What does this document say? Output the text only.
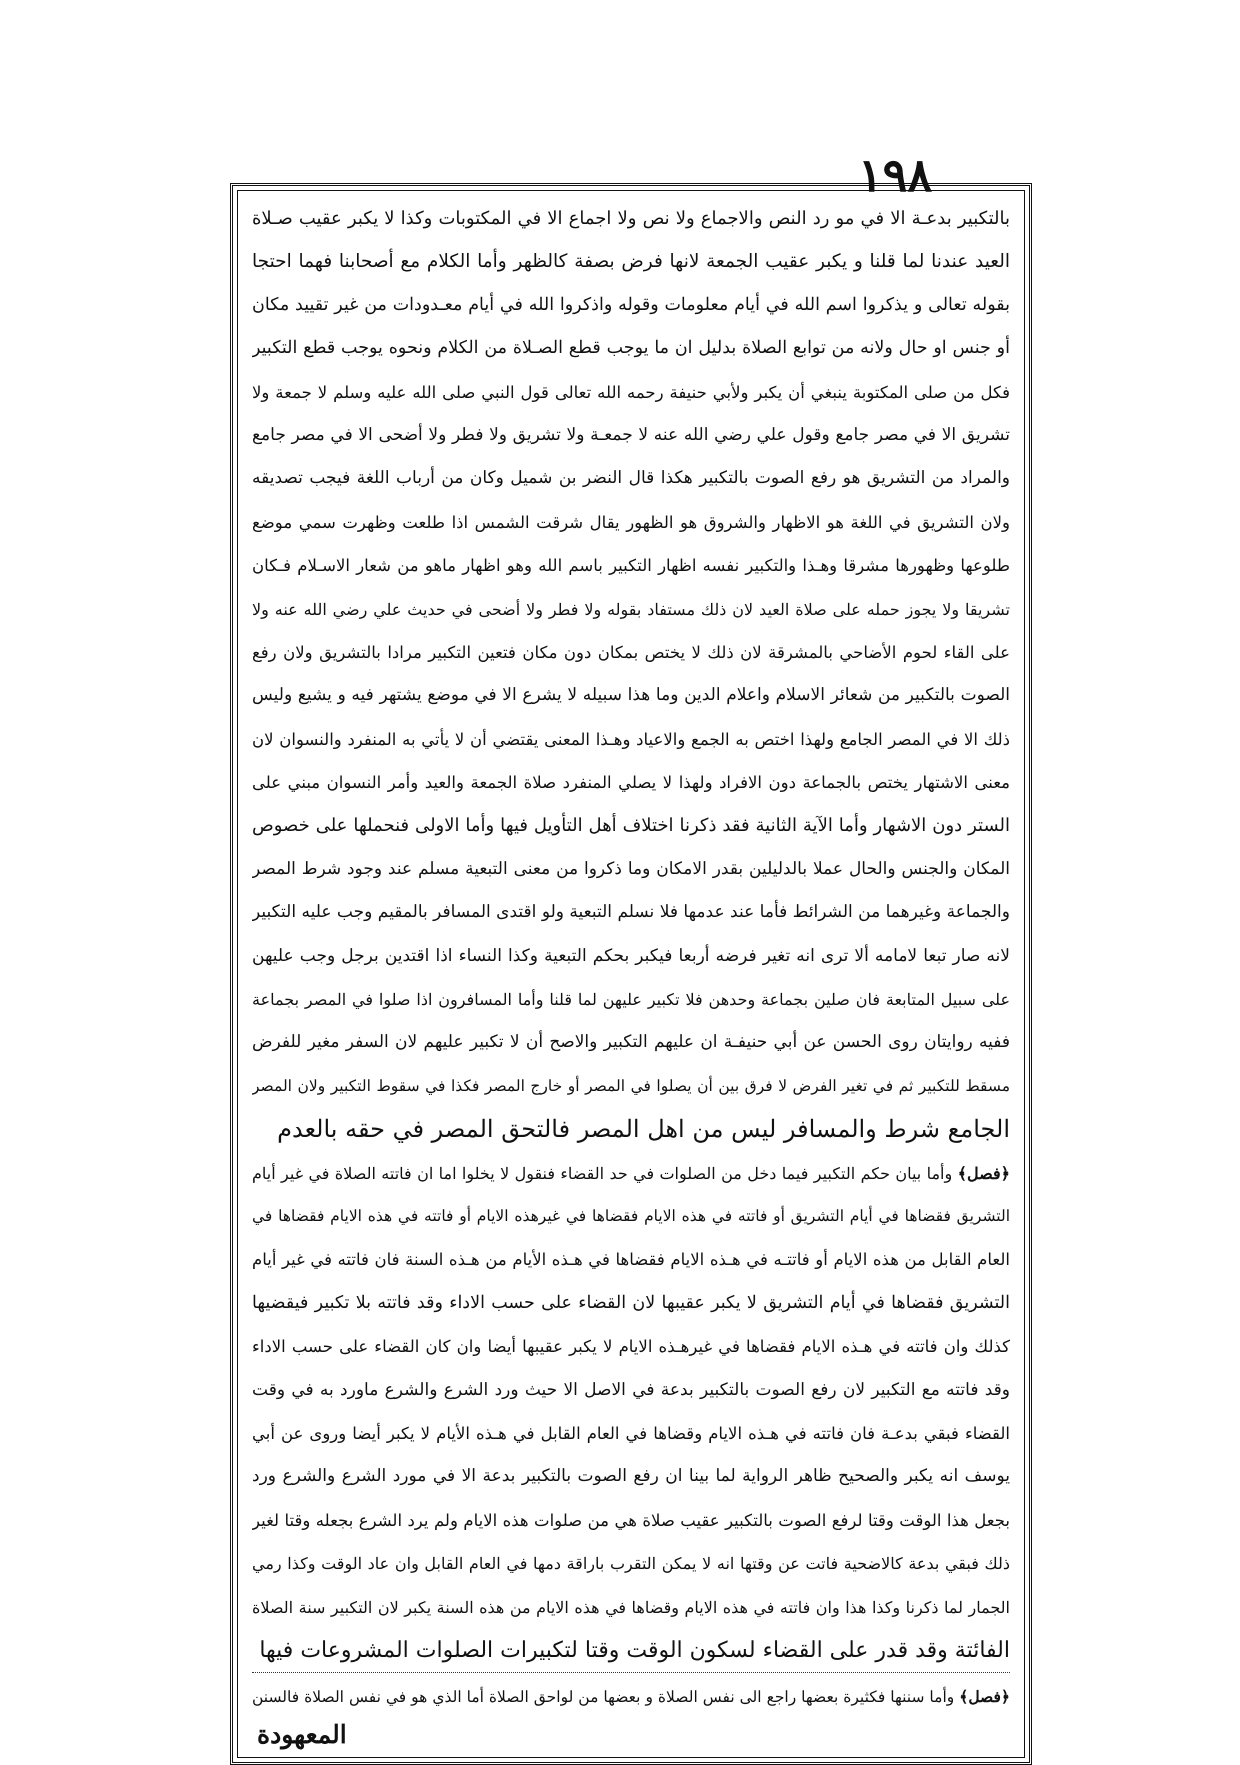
١٩٨
بالتكبير بدعـة الا في مو رد النص والاجماع ولا نص ولا اجماع الا في المكتوبات وكذا لا يكبر عقيب صـلاة
العيد عندنا لما قلنا و يكبر عقيب الجمعة لانها فرض بصفة كالظهر وأما الكلام مع أصحابنا فهما احتجا
بقوله تعالى و يذكروا اسم الله في أيام معلومات وقوله واذكروا الله في أيام معـدودات من غير تقييد مكان
أو جنس او حال ولانه من توابع الصلاة بدليل ان ما يوجب قطع الصـلاة من الكلام ونحوه يوجب قطع التكبير
فكل من صلى المكتوبة ينبغي أن يكبر ولأبي حنيفة رحمه الله تعالى قول النبي صلى الله عليه وسلم لا جمعة ولا
تشريق الا في مصر جامع وقول علي رضي الله عنه لا جمعـة ولا تشريق ولا فطر ولا أضحى الا في مصر جامع
والمراد من التشريق هو رفع الصوت بالتكبير هكذا قال النضر بن شميل وكان من أرباب اللغة فيجب تصديقه
ولان التشريق في اللغة هو الاظهار والشروق هو الظهور يقال شرقت الشمس اذا طلعت وظهرت سمي موضع
طلوعها وظهورها مشرقا وهـذا والتكبير نفسه اظهار التكبير باسم الله وهو اظهار ماهو من شعار الاسـلام فـكان
تشريقا ولا يجوز حمله على صلاة العيد لان ذلك مستفاد بقوله ولا فطر ولا أضحى في حديث علي رضي الله عنه ولا
على القاء لحوم الأضاحي بالمشرقة لان ذلك لا يختص بمكان دون مكان فتعين التكبير مرادا بالتشريق ولان رفع
الصوت بالتكبير من شعائر الاسلام واعلام الدين وما هذا سبيله لا يشرع الا في موضع يشتهر فيه و يشيع وليس
ذلك الا في المصر الجامع ولهذا اختص به الجمع والاعياد وهـذا المعنى يقتضي أن لا يأتي به المنفرد والنسوان لان
معنى الاشتهار يختص بالجماعة دون الافراد ولهذا لا يصلي المنفرد صلاة الجمعة والعيد وأمر النسوان مبني على
الستر دون الاشهار وأما الآية الثانية فقد ذكرنا اختلاف أهل التأويل فيها وأما الاولى فنحملها على خصوص
المكان والجنس والحال عملا بالدليلين بقدر الامكان وما ذكروا من معنى التبعية مسلم عند وجود شرط المصر
والجماعة وغيرهما من الشرائط فأما عند عدمها فلا نسلم التبعية ولو اقتدى المسافر بالمقيم وجب عليه التكبير
لانه صار تبعا لامامه ألا ترى انه تغير فرضه أربعا فيكبر بحكم التبعية وكذا النساء اذا اقتدين برجل وجب عليهن
على سبيل المتابعة فان صلين بجماعة وحدهن فلا تكبير عليهن لما قلنا وأما المسافرون اذا صلوا في المصر بجماعة
ففيه روايتان روى الحسن عن أبي حنيفـة ان عليهم التكبير والاصح أن لا تكبير عليهم لان السفر مغير للفرض
مسقط للتكبير ثم في تغير الفرض لا فرق بين أن يصلوا في المصر أو خارج المصر فكذا في سقوط التكبير ولان المصر
الجامع شرط والمسافر ليس من اهل المصر فالتحق المصر في حقه بالعدم
﴿فصل﴾ وأما بيان حكم التكبير فيما دخل من الصلوات في حد القضاء فنقول لا يخلوا اما ان فاتته الصلاة في غير أيام
التشريق فقضاها في أيام التشريق أو فاتته في هذه الايام فقضاها في غيرهذه الايام أو فاتته في هذه الايام فقضاها في
العام القابل من هذه الايام أو فاتتـه في هـذه الايام فقضاها في هـذه الأيام من هـذه السنة فان فاتته في غير أيام
التشريق فقضاها في أيام التشريق لا يكبر عقيبها لان القضاء على حسب الاداء وقد فاتته بلا تكبير فيقضيها
كذلك وان فاتته في هـذه الايام فقضاها في غيرهـذه الايام لا يكبر عقيبها أيضا وان كان القضاء على حسب الاداء
وقد فاتته مع التكبير لان رفع الصوت بالتكبير بدعة في الاصل الا حيث ورد الشرع والشرع ماورد به في وقت
القضاء فبقي بدعـة فان فاتته في هـذه الايام وقضاها في العام القابل في هـذه الأيام لا يكبر أيضا وروى عن أبي
يوسف انه يكبر والصحيح ظاهر الرواية لما بينا ان رفع الصوت بالتكبير بدعة الا في مورد الشرع والشرع ورد
بجعل هذا الوقت وقتا لرفع الصوت بالتكبير عقيب صلاة هي من صلوات هذه الايام ولم يرد الشرع بجعله وقتا لغير
ذلك فبقي بدعة كالاضحية فاتت عن وقتها انه لا يمكن التقرب باراقة دمها في العام القابل وان عاد الوقت وكذا رمي
الجمار لما ذكرنا وكذا هذا وان فاتته في هذه الايام وقضاها في هذه الايام من هذه السنة يكبر لان التكبير سنة الصلاة
الفائتة وقد قدر على القضاء لسكون الوقت وقتا لتكبيرات الصلوات المشروعات فيها
﴿فصل﴾ وأما سننها فكثيرة بعضها راجع الى نفس الصلاة و بعضها من لواحق الصلاة أما الذي هو في نفس الصلاة فالسنن
المعهودة
